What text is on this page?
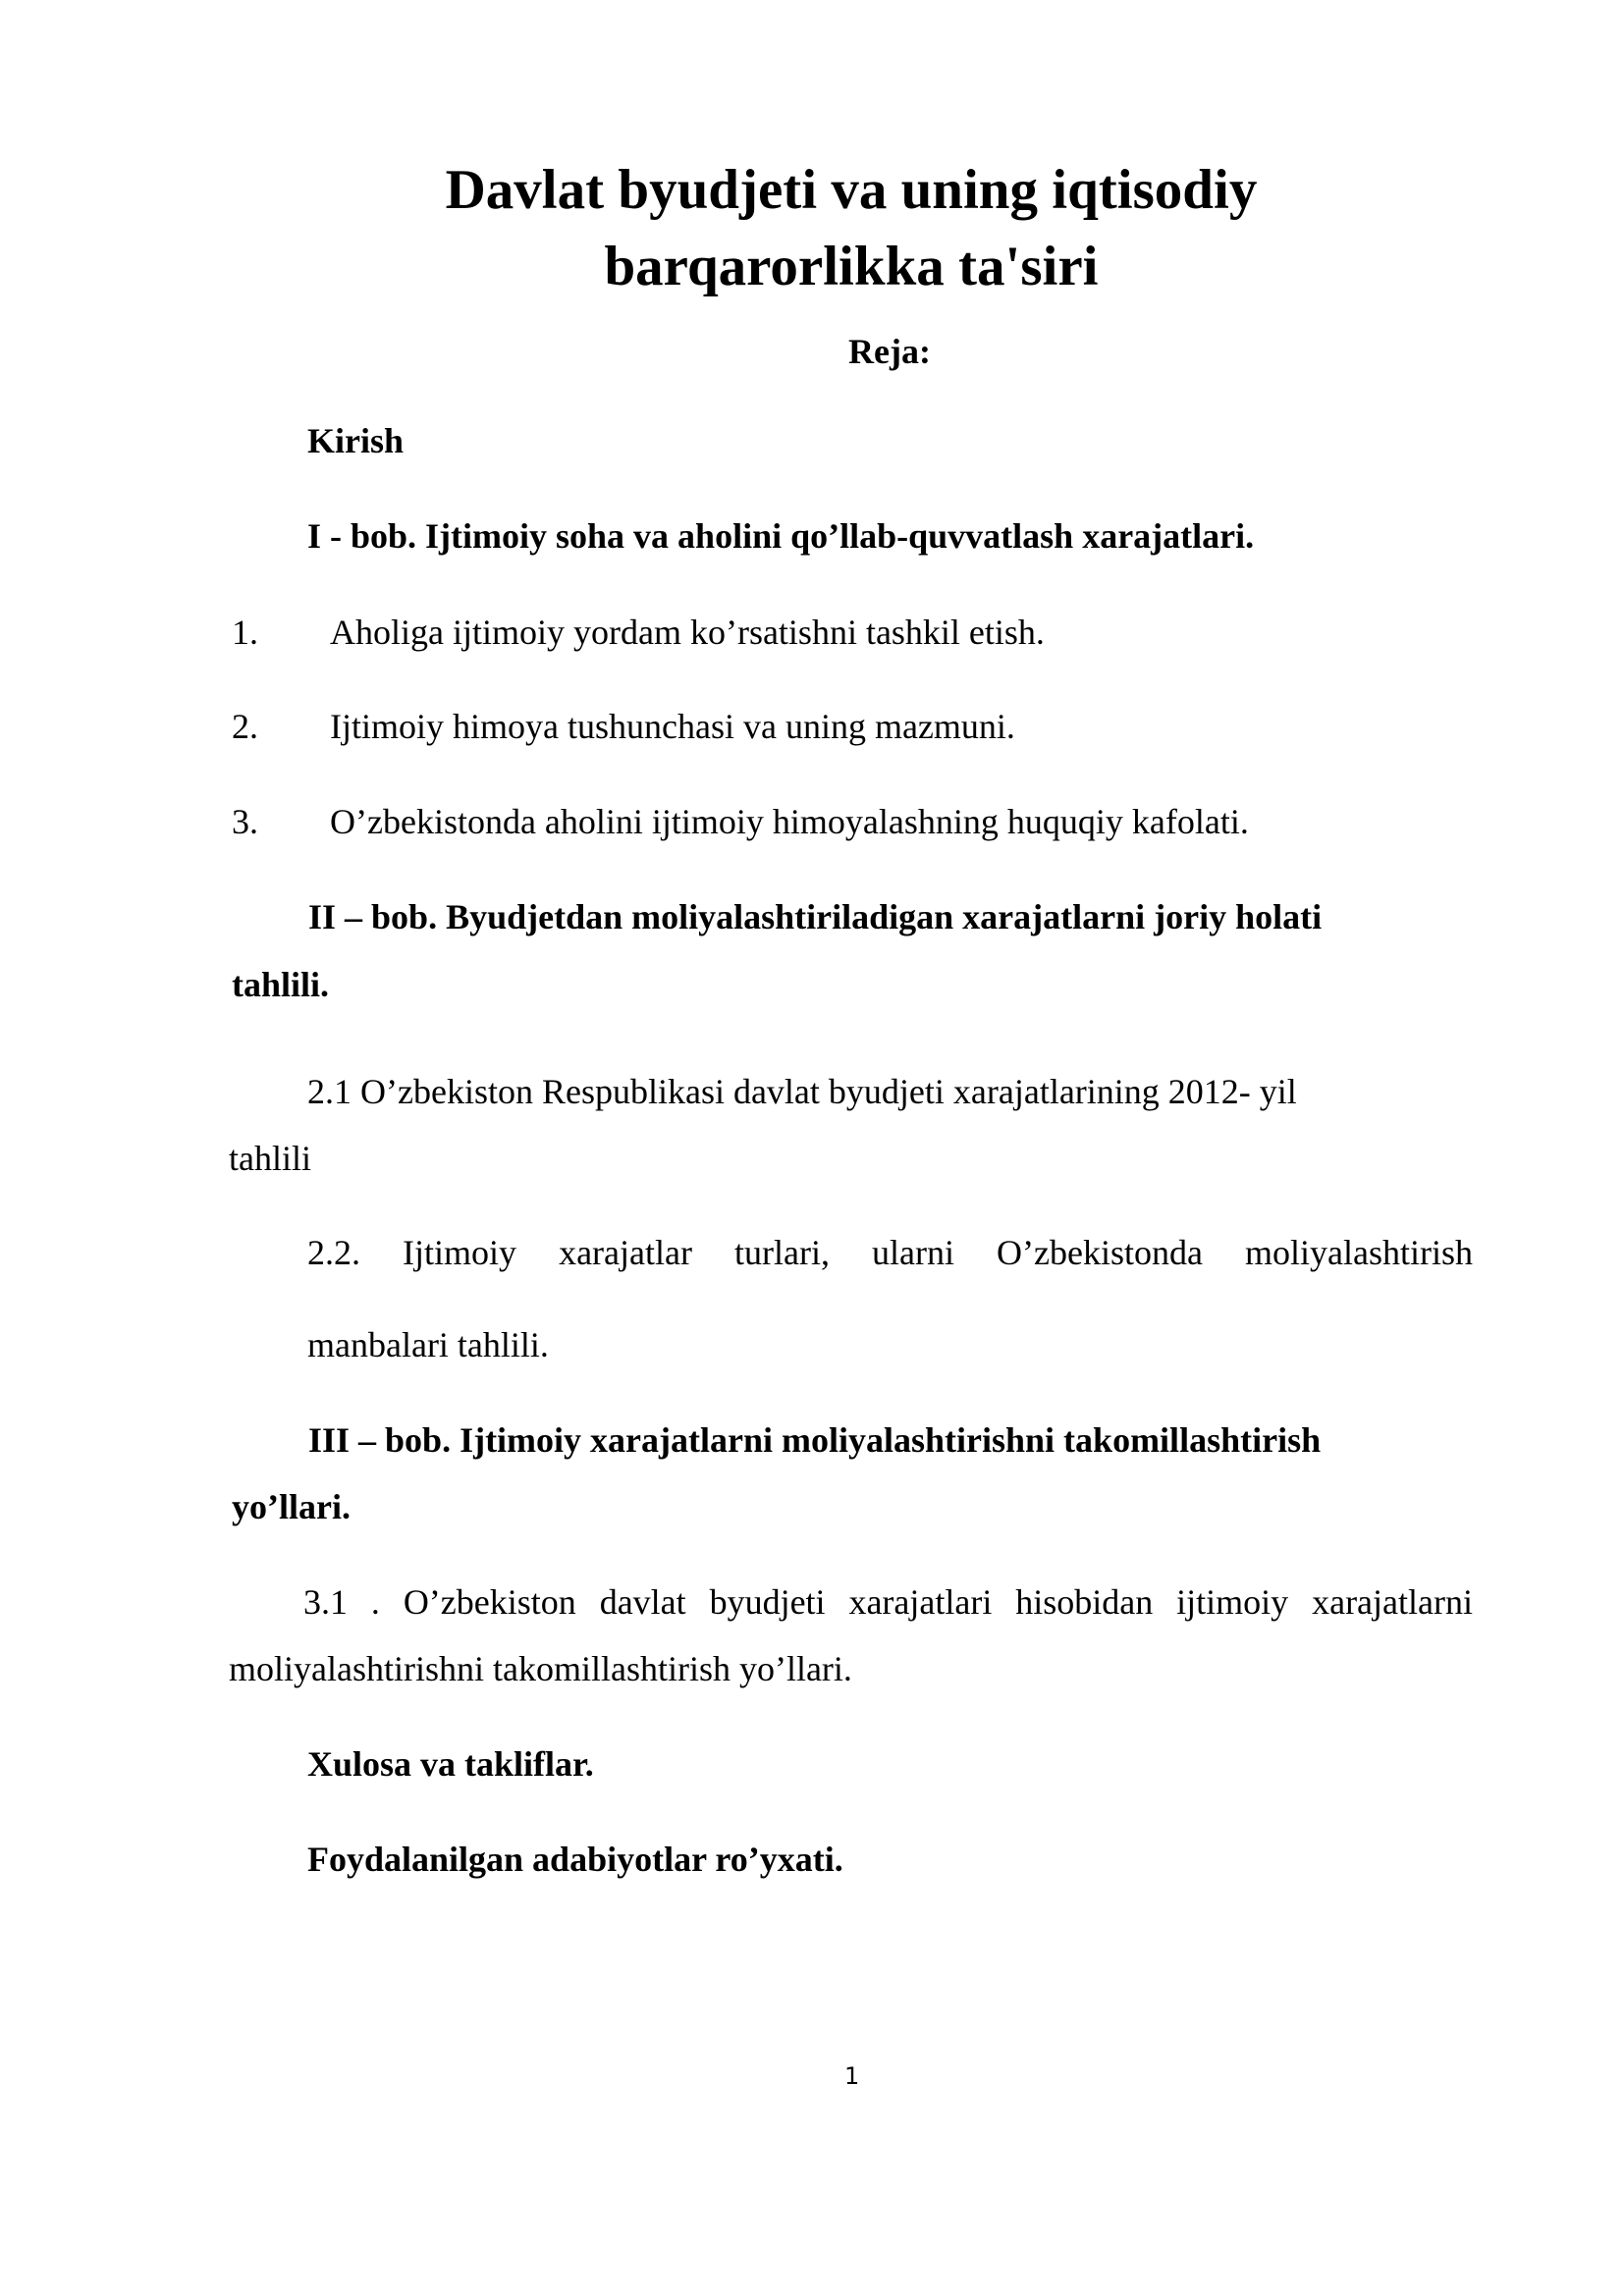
Davlat byudjeti va uning iqtisodiy
barqarorlikka ta'siri
Reja:
Kirish
I - bob. Ijtimoiy soha va aholini qo’llab-quvvatlash xarajatlari.
1. Aholiga ijtimoiy yordam ko’rsatishni tashkil etish.
2. Ijtimoiy himoya tushunchasi va uning mazmuni.
3. O’zbekistonda aholini ijtimoiy himoyalashning huquqiy kafolati.
II – bob. Byudjetdan moliyalashtiriladigan xarajatlarni joriy holati
tahlili.
2.1 O’zbekiston Respublikasi davlat byudjeti xarajatlarining 2012- yil
tahlili
2.2. Ijtimoiy xarajatlar turlari, ularni O’zbekistonda moliyalashtirish
manbalari tahlili.
III – bob. Ijtimoiy xarajatlarni moliyalashtirishni takomillashtirish
yo’llari.
3.1 . O’zbekiston davlat byudjeti xarajatlari hisobidan ijtimoiy xarajatlarni
moliyalashtirishni takomillashtirish yo’llari.
Xulosa va takliflar.
Foydalanilgan adabiyotlar ro’yxati.
1
